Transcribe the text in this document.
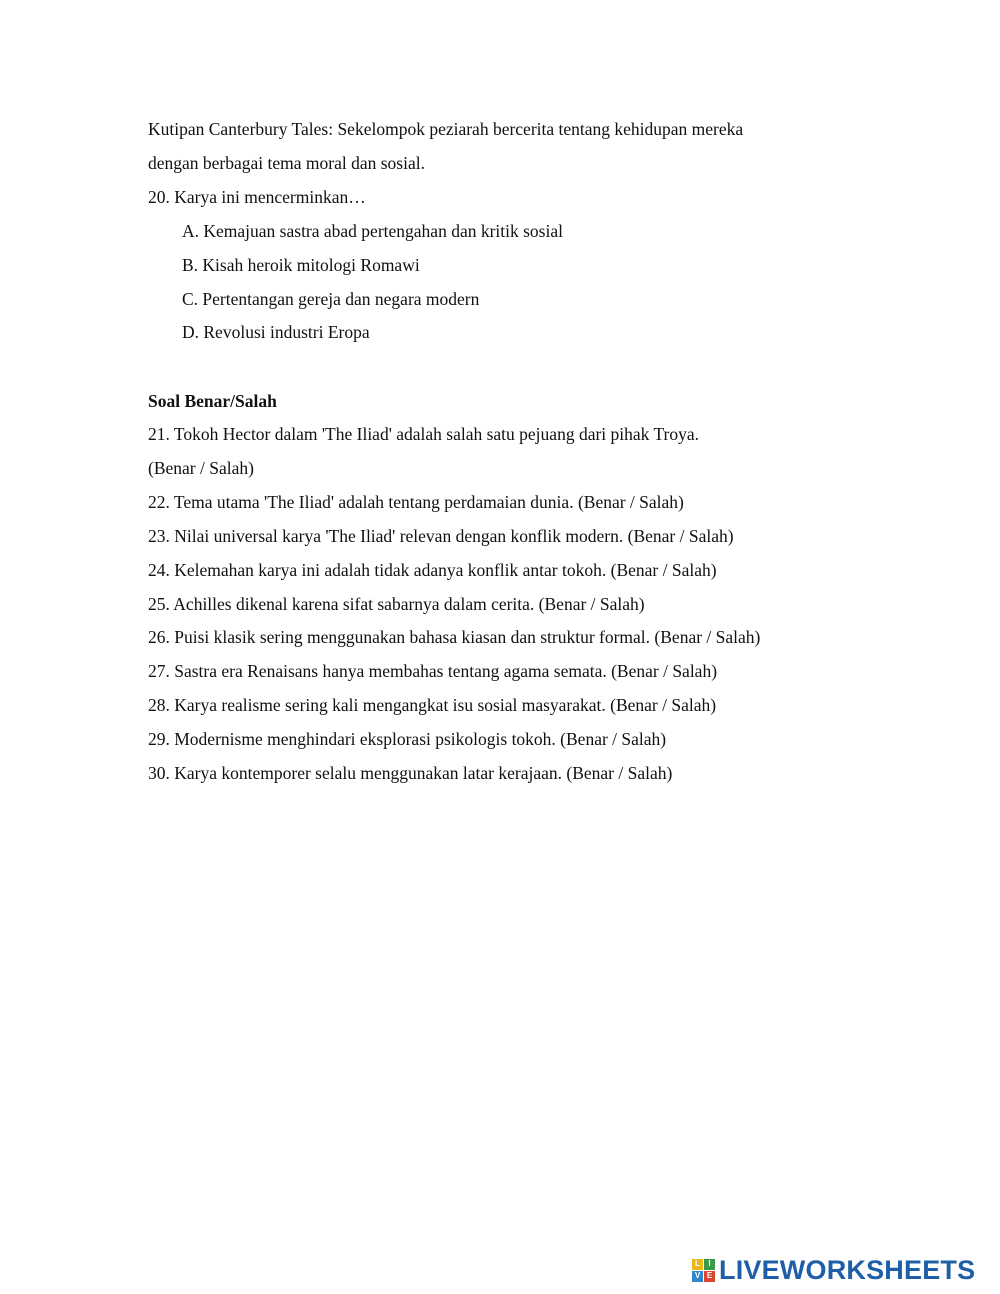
Kutipan Canterbury Tales: Sekelompok peziarah bercerita tentang kehidupan mereka
dengan berbagai tema moral dan sosial.
20. Karya ini mencerminkan…
A. Kemajuan sastra abad pertengahan dan kritik sosial
B. Kisah heroik mitologi Romawi
C. Pertentangan gereja dan negara modern
D. Revolusi industri Eropa
Soal Benar/Salah
21. Tokoh Hector dalam 'The Iliad' adalah salah satu pejuang dari pihak Troya.
(Benar / Salah)
22. Tema utama 'The Iliad' adalah tentang perdamaian dunia. (Benar / Salah)
23. Nilai universal karya 'The Iliad' relevan dengan konflik modern. (Benar / Salah)
24. Kelemahan karya ini adalah tidak adanya konflik antar tokoh. (Benar / Salah)
25. Achilles dikenal karena sifat sabarnya dalam cerita. (Benar / Salah)
26. Puisi klasik sering menggunakan bahasa kiasan dan struktur formal. (Benar / Salah)
27. Sastra era Renaisans hanya membahas tentang agama semata. (Benar / Salah)
28. Karya realisme sering kali mengangkat isu sosial masyarakat. (Benar / Salah)
29. Modernisme menghindari eksplorasi psikologis tokoh. (Benar / Salah)
30. Karya kontemporer selalu menggunakan latar kerajaan. (Benar / Salah)
L	I
V E LIVEWORKSHEETS
